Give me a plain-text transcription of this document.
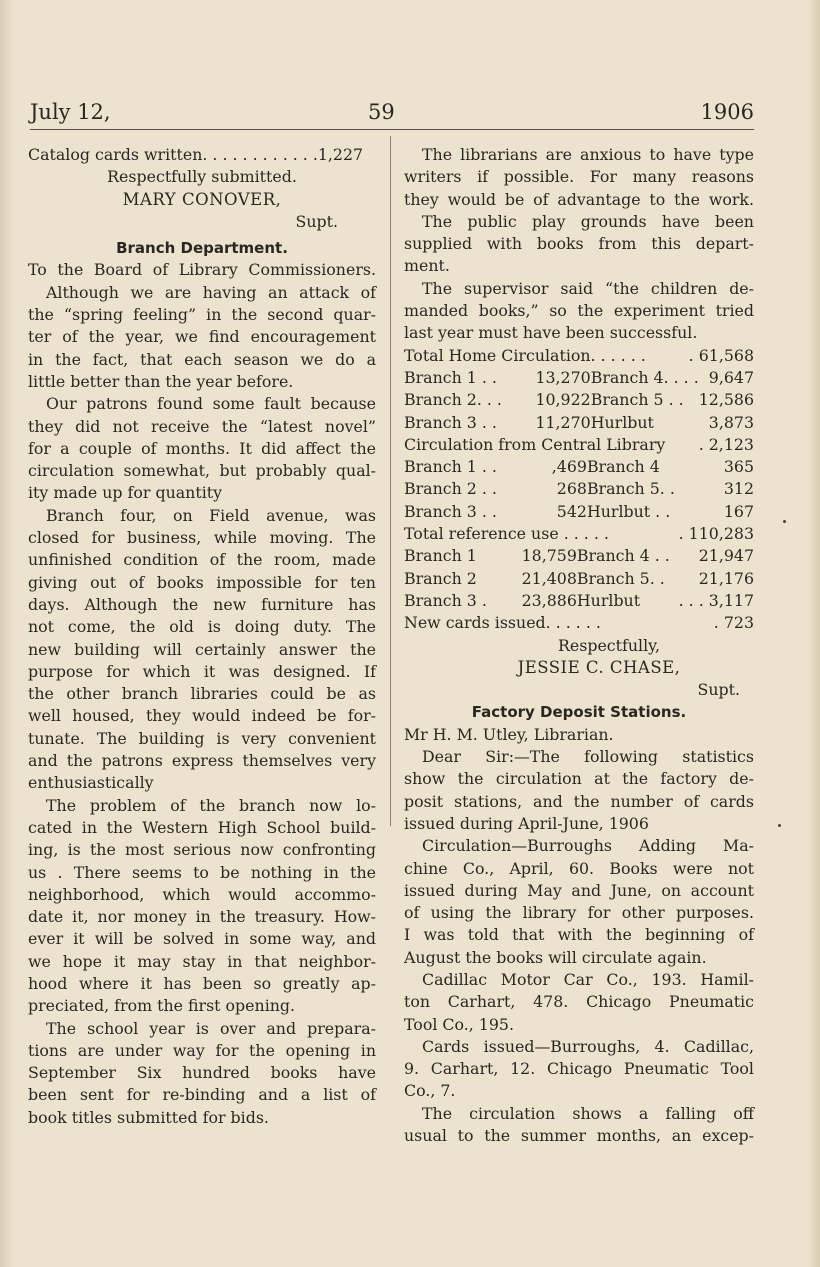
July 12,	59	1906
Catalog cards written. . . . . . . . . . . .1,227
Respectfully submitted.
MARY CONOVER,
Supt.
Branch Department.
To the Board of Library Commissioners.
Although we are having an attack of
the “spring feeling” in the second quar-
ter of the year, we find encouragement
in the fact, that each season we do a
little better than the year before.
Our patrons found some fault because
they did not receive the “latest novel”
for a couple of months. It did affect the
circulation somewhat, but probably qual-
ity made up for quantity
Branch four, on Field avenue, was
closed for business, while moving. The
unfinished condition of the room, made
giving out of books impossible for ten
days. Although the new furniture has
not come, the old is doing duty. The
new building will certainly answer the
purpose for which it was designed. If
the other branch libraries could be as
well housed, they would indeed be for-
tunate. The building is very convenient
and the patrons express themselves very
enthusiastically
The problem of the branch now lo-
cated in the Western High School build-
ing, is the most serious now confronting
us . There seems to be nothing in the
neighborhood, which would accommo-
date it, nor money in the treasury. How-
ever it will be solved in some way, and
we hope it may stay in that neighbor-
hood where it has been so greatly ap-
preciated, from the first opening.
The school year is over and prepara-
tions are under way for the opening in
September Six hundred books have
been sent for re-binding and a list of
book titles submitted for bids.
The librarians are anxious to have type
writers if possible. For many reasons
they would be of advantage to the work.
The public play grounds have been
supplied with books from this depart-
ment.
The supervisor said “the children de-
manded books,” so the experiment tried
last year must have been successful.
Total Home Circulation. . . . . .	. 61,568
Branch 1 . .	13,270	Branch 4. . . .	9,647
Branch 2. . .	10,922	Branch 5 . .	12,586
Branch 3 . .	11,270	Hurlbut	3,873
Circulation from Central Library . 2,123
Branch 1 . .	,469	Branch 4	365
Branch 2 . .	268	Branch 5. .	312
Branch 3 . .	542	Hurlbut . .	167
Total reference use . . . . .	. 110,283
Branch 1	18,759	Branch 4 . .	21,947
Branch 2	21,408	Branch 5. .	21,176
Branch 3 .	23,886	Hurlbut	. . . 3,117
New cards issued. . . . . .	. 723
Respectfully,
JESSIE C. CHASE,
Supt.
Factory Deposit Stations.
Mr H. M. Utley, Librarian.
Dear Sir:—The following statistics
show the circulation at the factory de-
posit stations, and the number of cards
issued during April-June, 1906
Circulation—Burroughs Adding Ma-
chine Co., April, 60. Books were not
issued during May and June, on account
of using the library for other purposes.
I was told that with the beginning of
August the books will circulate again.
Cadillac Motor Car Co., 193. Hamil-
ton Carhart, 478. Chicago Pneumatic
Tool Co., 195.
Cards issued—Burroughs, 4. Cadillac,
9. Carhart, 12. Chicago Pneumatic Tool
Co., 7.
The circulation shows a falling off
usual to the summer months, an excep-
